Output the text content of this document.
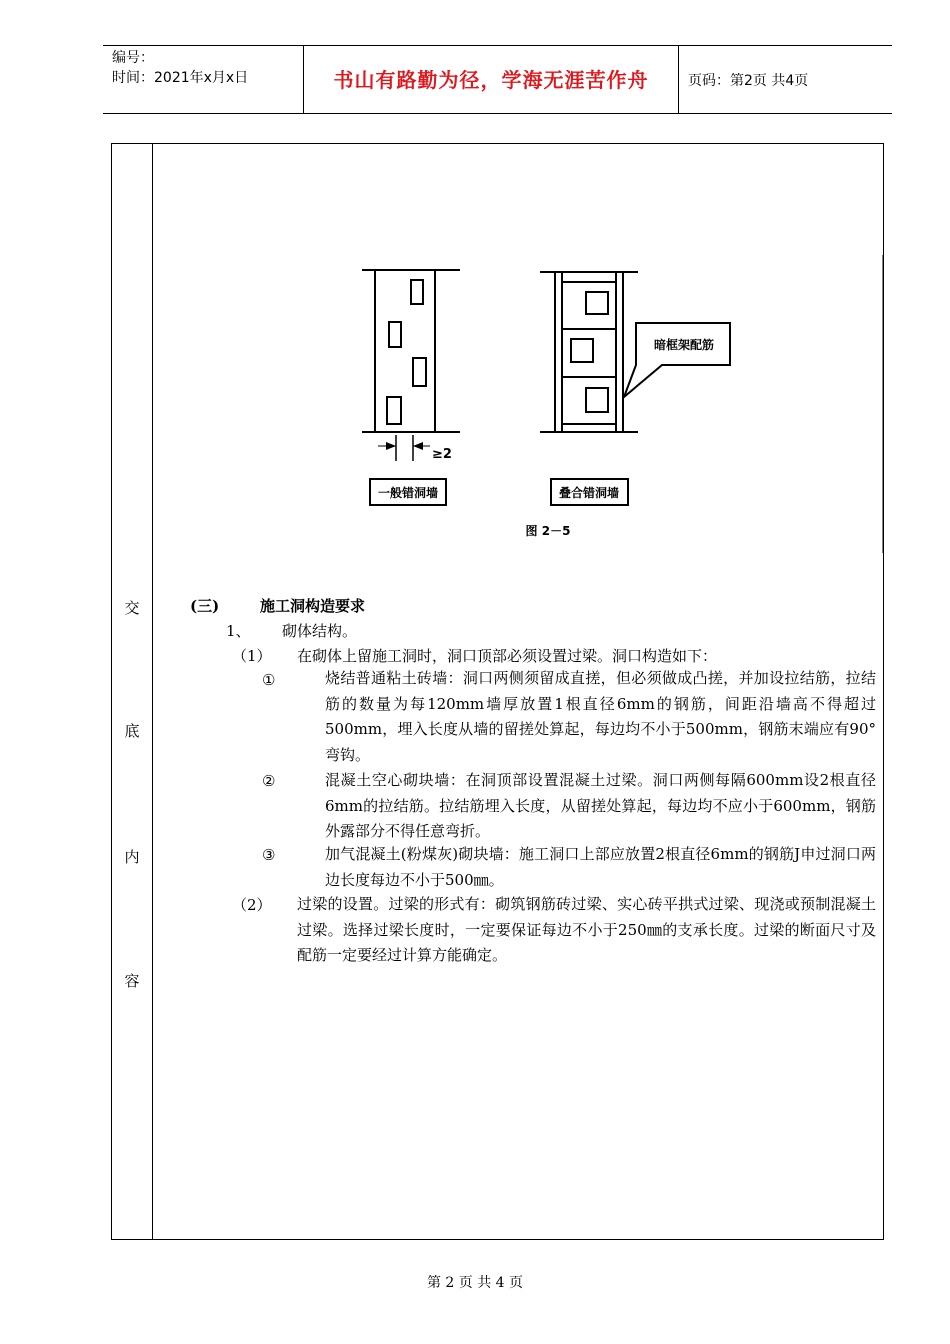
编号：
时间：2021年x月x日	书山有路勤为径，学海无涯苦作舟	页码：第2页 共4页
交
底
内
容
≥2
一般错洞墙
暗框架配筋
叠合错洞墙
图 2－5
(三)	施工洞构造要求
1、 砌体结构。
（1） 在砌体上留施工洞时，洞口顶部必须设置过梁。洞口构造如下：
①	烧结普通粘土砖墙：洞口两侧须留成直搓，但必须做成凸搓，并加设拉结筋，拉结筋的数量为每120mm墙厚放置1根直径6mm的钢筋，间距沿墙高不得超过500mm，埋入长度从墙的留搓处算起，每边均不小于500mm，钢筋末端应有90°弯钩。
②	混凝土空心砌块墙：在洞顶部设置混凝土过梁。洞口两侧每隔600mm设2根直径6mm的拉结筋。拉结筋埋入长度，从留搓处算起，每边均不应小于600mm，钢筋外露部分不得任意弯折。
③	加气混凝土(粉煤灰)砌块墙：施工洞口上部应放置2根直径6mm的钢筋J申过洞口两边长度每边不小于500㎜。
（2） 过梁的设置。过梁的形式有：砌筑钢筋砖过梁、实心砖平拱式过梁、现浇或预制混凝土过梁。选择过梁长度时，一定要保证每边不小于250㎜的支承长度。过梁的断面尺寸及配筋一定要经过计算方能确定。
第 2 页 共 4 页
